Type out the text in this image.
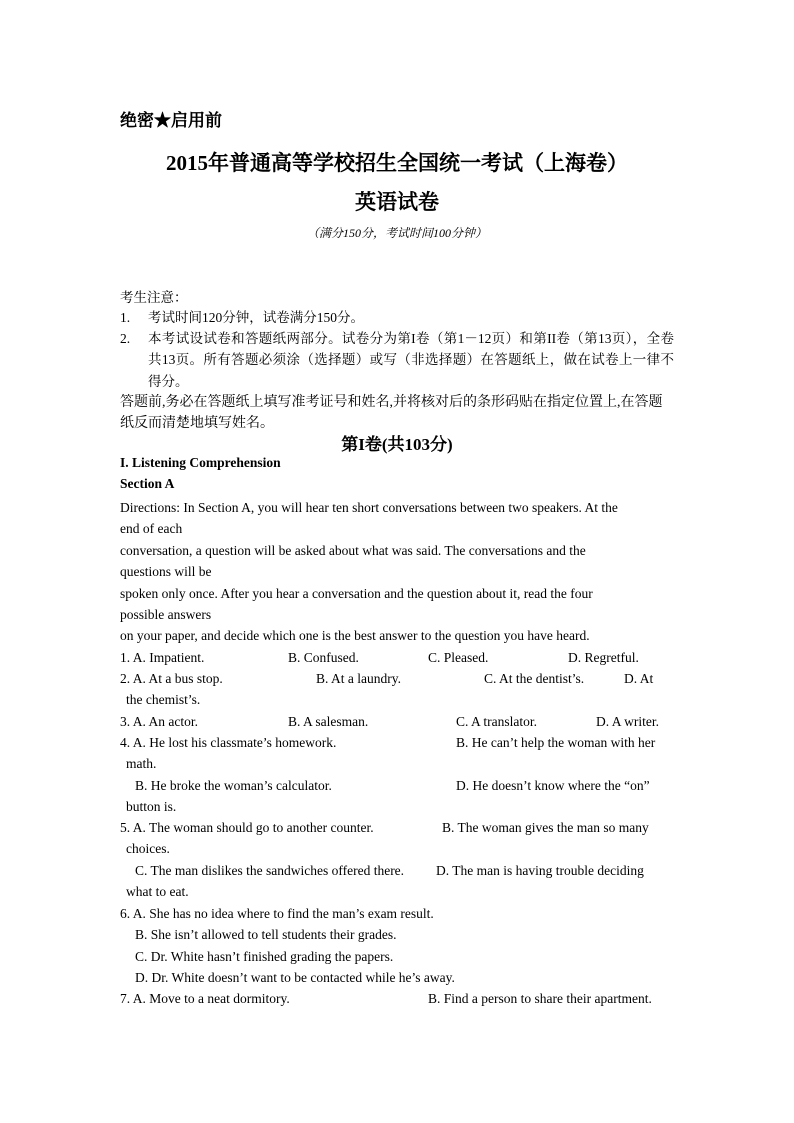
绝密★启用前
2015年普通高等学校招生全国统一考试（上海卷）
英语试卷
（满分150分，考试时间100分钟）
考生注意：
1. 考试时间120分钟，试卷满分150分。
2. 本考试设试卷和答题纸两部分。试卷分为第I卷（第1－12页）和第II卷（第13页），全卷共13页。所有答题必须涂（选择题）或写（非选择题）在答题纸上，做在试卷上一律不得分。
答题前,务必在答题纸上填写准考证号和姓名,并将核对后的条形码贴在指定位置上,在答题纸反而清楚地填写姓名。
第I卷(共103分)
I. Listening Comprehension
Section A
Directions: In Section A, you will hear ten short conversations between two speakers. At the
end of each
conversation, a question will be asked about what was said. The conversations and the
questions will be
spoken only once. After you hear a conversation and the question about it, read the four
possible answers
on your paper, and decide which one is the best answer to the question you have heard.
1. A. Impatient.	B. Confused.	C. Pleased.	D. Regretful.
2. A. At a bus stop.	B. At a laundry.	C. At the dentist’s.	D. At
the chemist’s.
3. A. An actor.	B. A salesman.	C. A translator.	D. A writer.
4. A. He lost his classmate’s homework.	B. He can’t help the woman with her
math.
B. He broke the woman’s calculator.	D. He doesn’t know where the “on”
button is.
5. A. The woman should go to another counter.	B. The woman gives the man so many
choices.
C. The man dislikes the sandwiches offered there. D. The man is having trouble deciding
what to eat.
6. A. She has no idea where to find the man’s exam result.
B. She isn’t allowed to tell students their grades.
C. Dr. White hasn’t finished grading the papers.
D. Dr. White doesn’t want to be contacted while he’s away.
7. A. Move to a neat dormitory.	B. Find a person to share their apartment.
